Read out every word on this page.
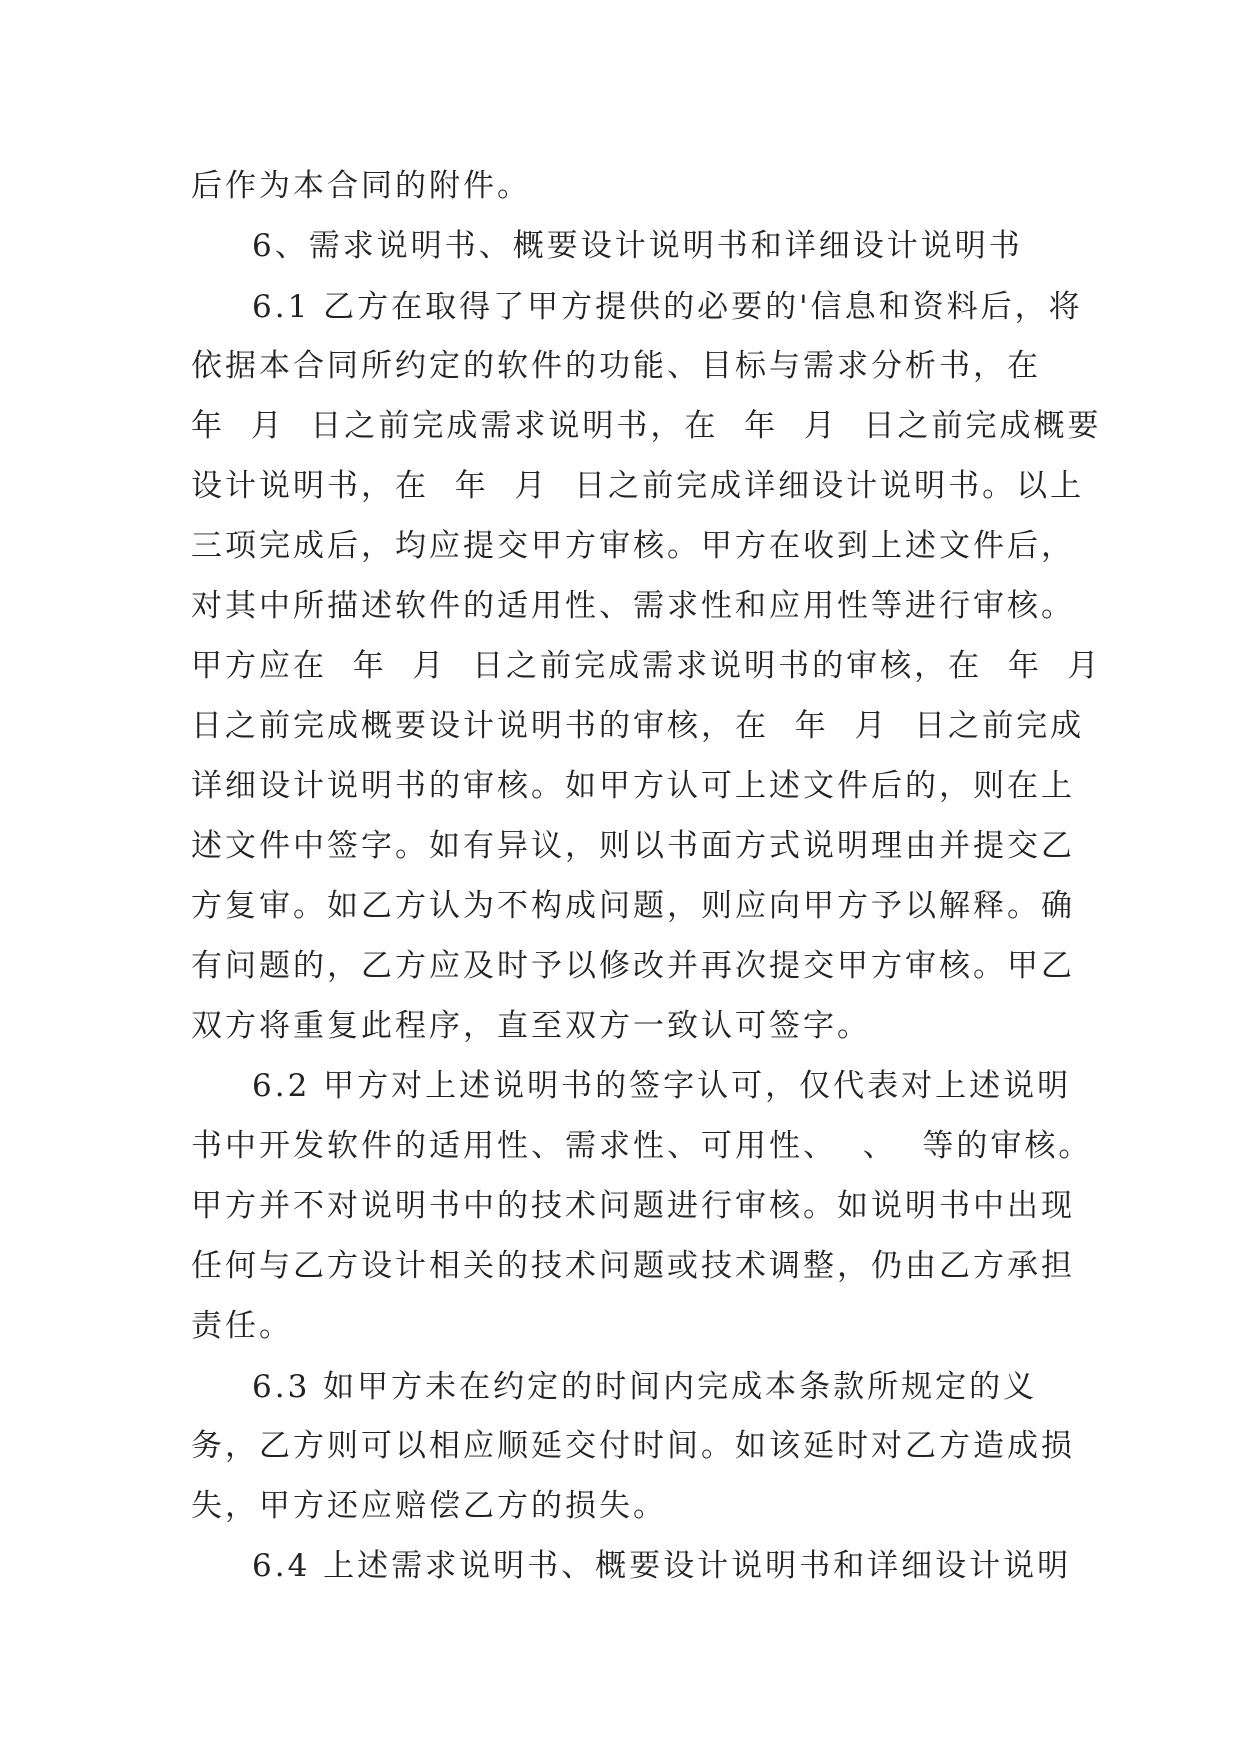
后作为本合同的附件。
6、需求说明书、概要设计说明书和详细设计说明书
6.1 乙方在取得了甲方提供的必要的'信息和资料后，将
依据本合同所约定的软件的功能、目标与需求分析书，在
年  月  日之前完成需求说明书，在  年  月  日之前完成概要
设计说明书，在  年  月  日之前完成详细设计说明书。以上
三项完成后，均应提交甲方审核。甲方在收到上述文件后，
对其中所描述软件的适用性、需求性和应用性等进行审核。
甲方应在  年  月  日之前完成需求说明书的审核，在  年  月
日之前完成概要设计说明书的审核，在  年  月  日之前完成
详细设计说明书的审核。如甲方认可上述文件后的，则在上
述文件中签字。如有异议，则以书面方式说明理由并提交乙
方复审。如乙方认为不构成问题，则应向甲方予以解释。确
有问题的，乙方应及时予以修改并再次提交甲方审核。甲乙
双方将重复此程序，直至双方一致认可签字。
6.2 甲方对上述说明书的签字认可，仅代表对上述说明
书中开发软件的适用性、需求性、可用性、  、  等的审核。
甲方并不对说明书中的技术问题进行审核。如说明书中出现
任何与乙方设计相关的技术问题或技术调整，仍由乙方承担
责任。
6.3 如甲方未在约定的时间内完成本条款所规定的义
务，乙方则可以相应顺延交付时间。如该延时对乙方造成损
失，甲方还应赔偿乙方的损失。
6.4 上述需求说明书、概要设计说明书和详细设计说明
